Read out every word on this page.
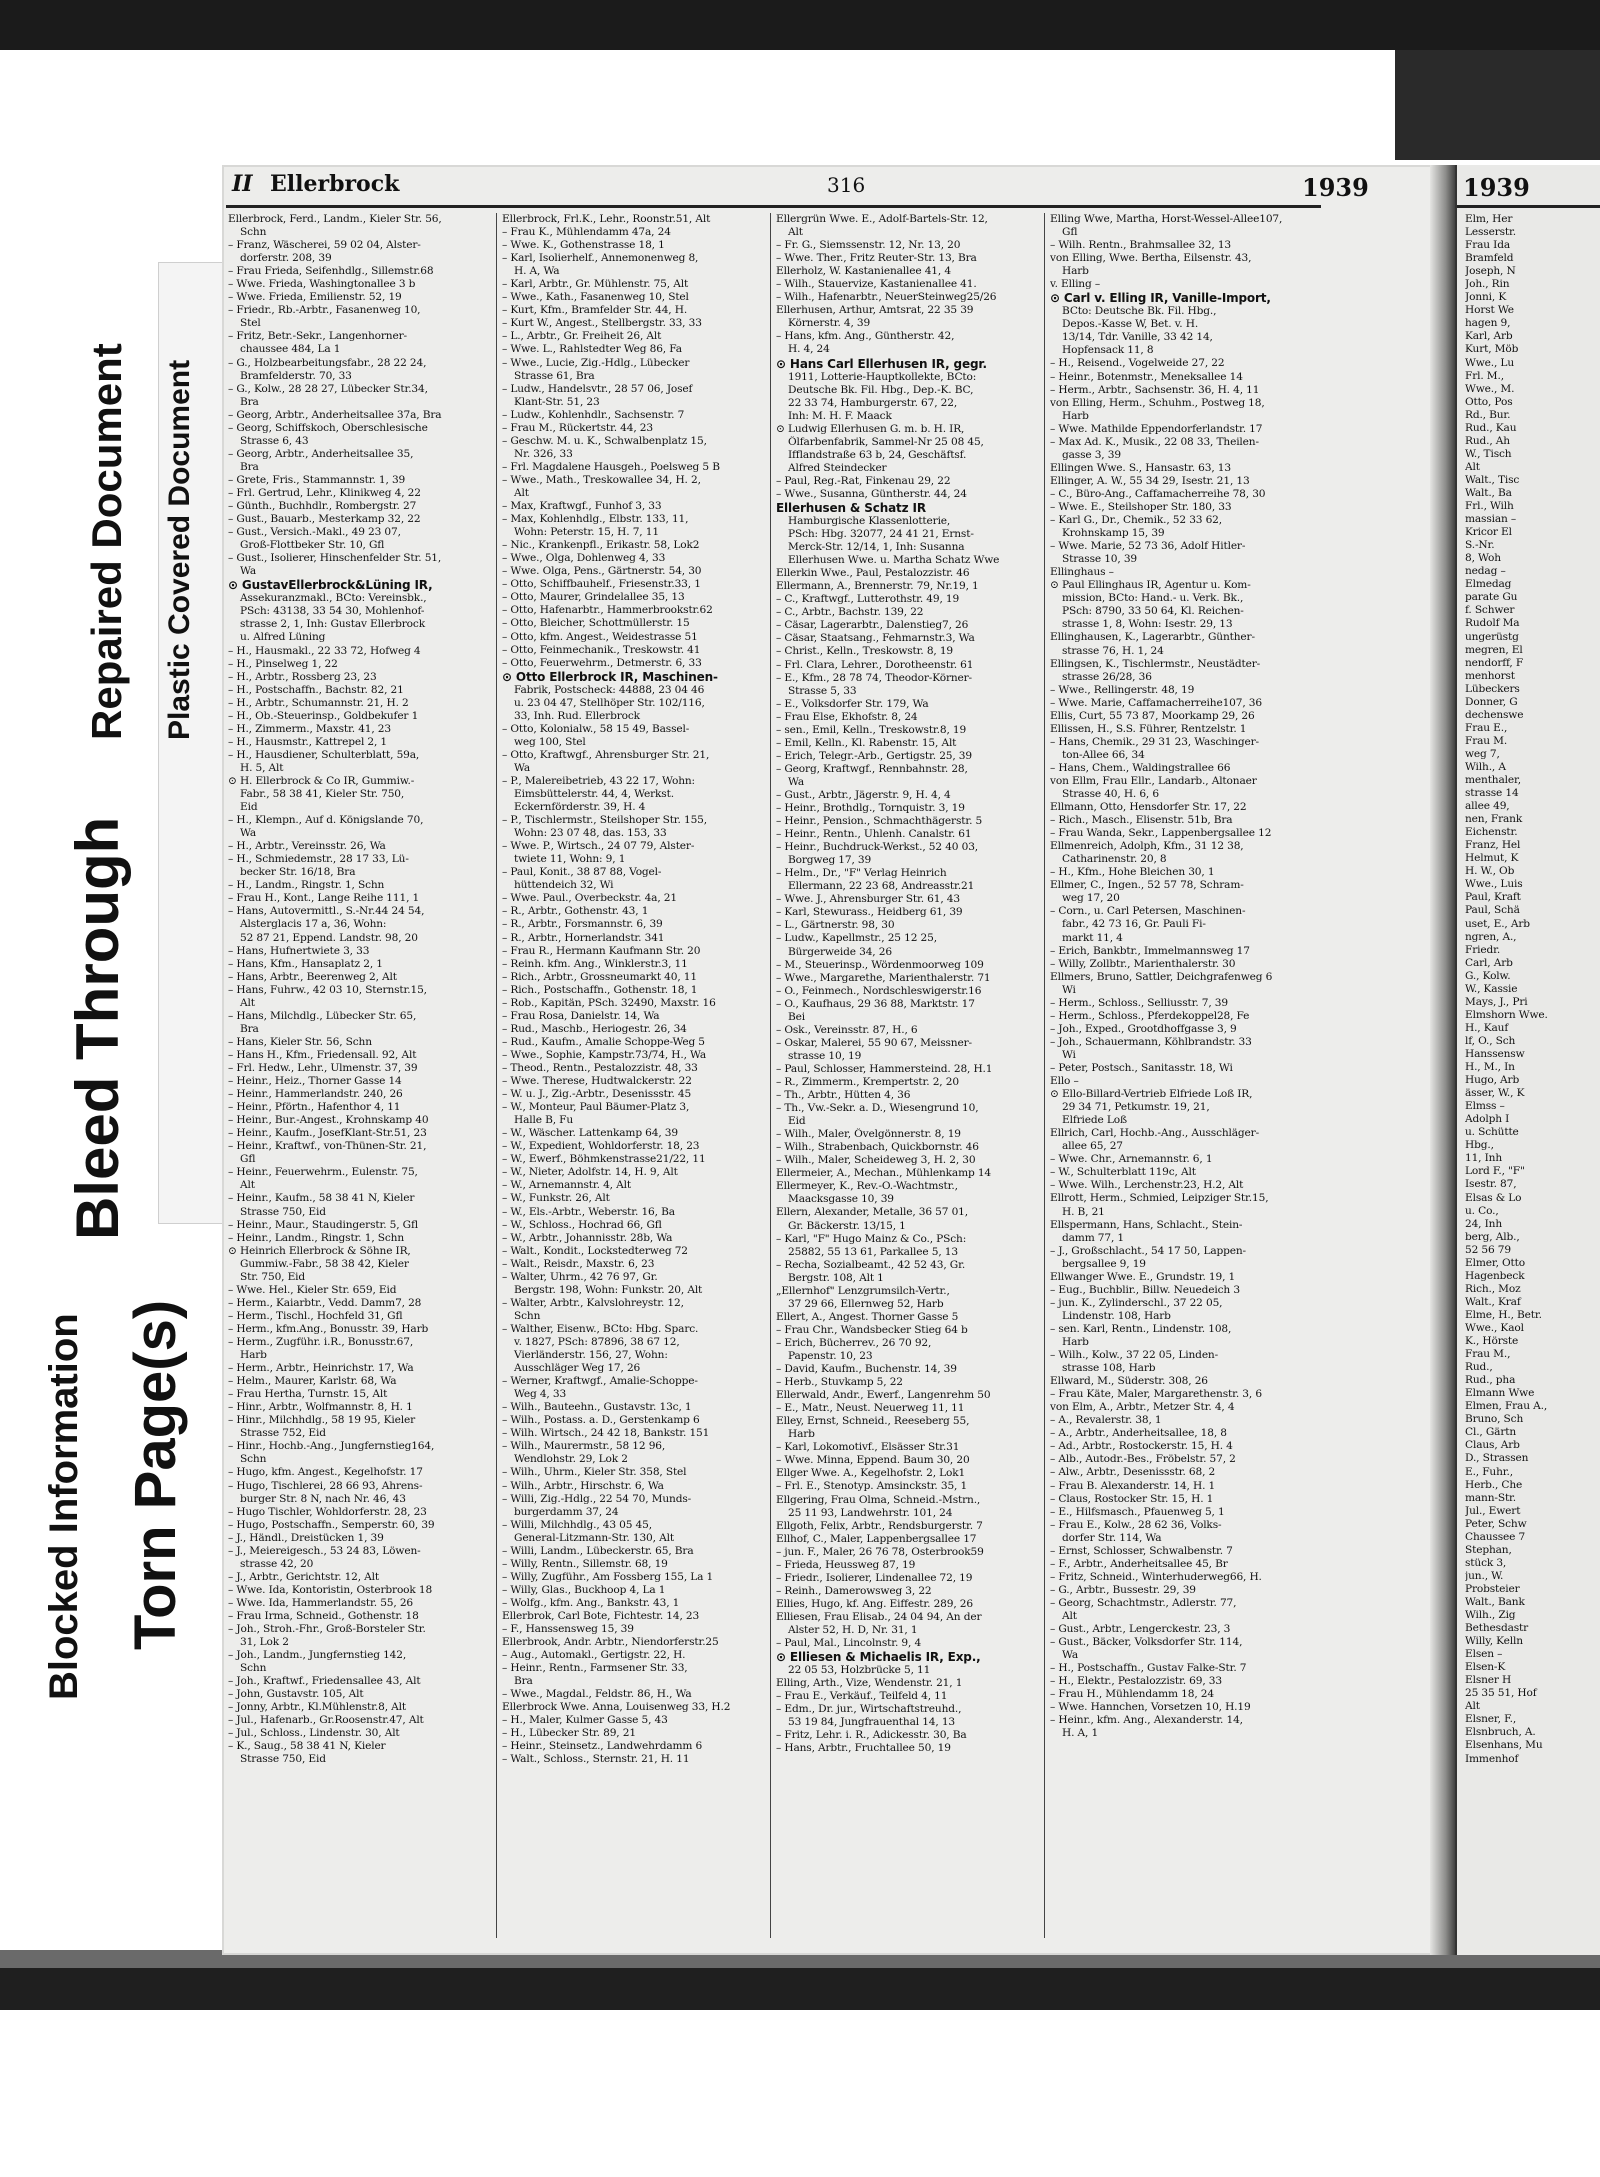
Blocked Information Torn Page(s)
Bleed Through
Repaired Document Plastic Covered Document
II Ellerbrock	316	1939
Ellerbrock, Ferd., Landm., Kieler Str. 56,
Schn
– Franz, Wäscherei, 59 02 04, Alster-
dorferstr. 208, 39
– Frau Frieda, Seifenhdlg., Sillemstr.68
– Wwe. Frieda, Washingtonallee 3 b
– Wwe. Frieda, Emilienstr. 52, 19
– Friedr., Rb.-Arbtr., Fasanenweg 10,
Stel
– Fritz, Betr.-Sekr., Langenhorner-
chaussee 484, La 1
– G., Holzbearbeitungsfabr., 28 22 24,
Bramfelderstr. 70, 33
– G., Kolw., 28 28 27, Lübecker Str.34,
Bra
– Georg, Arbtr., Anderheitsallee 37a, Bra
– Georg, Schiffskoch, Oberschlesische
Strasse 6, 43
– Georg, Arbtr., Anderheitsallee 35,
Bra
– Grete, Fris., Stammannstr. 1, 39
– Frl. Gertrud, Lehr., Klinikweg 4, 22
– Günth., Buchhdlr., Rombergstr. 27
– Gust., Bauarb., Mesterkamp 32, 22
– Gust., Versich.-Makl., 49 23 07,
Groß-Flottbeker Str. 10, Gfl
– Gust., Isolierer, Hinschenfelder Str. 51,
Wa
⊙ GustavEllerbrock&Lüning IR,
Assekuranzmakl., BCto: Vereinsbk.,
PSch: 43138, 33 54 30, Mohlenhof-
strasse 2, 1, Inh: Gustav Ellerbrock
u. Alfred Lüning
– H., Hausmakl., 22 33 72, Hofweg 4
– H., Pinselweg 1, 22
– H., Arbtr., Rossberg 23, 23
– H., Postschaffn., Bachstr. 82, 21
– H., Arbtr., Schumannstr. 21, H. 2
– H., Ob.-Steuerinsp., Goldbekufer 1
– H., Zimmerm., Maxstr. 41, 23
– H., Hausmstr., Kattrepel 2, 1
– H., Hausdiener, Schulterblatt, 59a,
H. 5, Alt
⊙ H. Ellerbrock & Co IR, Gummiw.-
Fabr., 58 38 41, Kieler Str. 750,
Eid
– H., Klempn., Auf d. Königslande 70,
Wa
– H., Arbtr., Vereinsstr. 26, Wa
– H., Schmiedemstr., 28 17 33, Lü-
becker Str. 16/18, Bra
– H., Landm., Ringstr. 1, Schn
– Frau H., Kont., Lange Reihe 111, 1
– Hans, Autovermittl., S.-Nr.44 24 54,
Alsterglacis 17 a, 36, Wohn:
52 87 21, Eppend. Landstr. 98, 20
– Hans, Hufnertwiete 3, 33
– Hans, Kfm., Hansaplatz 2, 1
– Hans, Arbtr., Beerenweg 2, Alt
– Hans, Fuhrw., 42 03 10, Sternstr.15,
Alt
– Hans, Milchdlg., Lübecker Str. 65,
Bra
– Hans, Kieler Str. 56, Schn
– Hans H., Kfm., Friedensall. 92, Alt
– Frl. Hedw., Lehr., Ulmenstr. 37, 39
– Heinr., Heiz., Thorner Gasse 14
– Heinr., Hammerlandstr. 240, 26
– Heinr., Pförtn., Hafenthor 4, 11
– Heinr., Bur.-Angest., Krohnskamp 40
– Heinr., Kaufm., JosefKlant-Str.51, 23
– Heinr., Kraftwf., von-Thünen-Str. 21,
Gfl
– Heinr., Feuerwehrm., Eulenstr. 75,
Alt
– Heinr., Kaufm., 58 38 41 N, Kieler
Strasse 750, Eid
– Heinr., Maur., Staudingerstr. 5, Gfl
– Heinr., Landm., Ringstr. 1, Schn
⊙ Heinrich Ellerbrock & Söhne IR,
Gummiw.-Fabr., 58 38 42, Kieler
Str. 750, Eid
– Wwe. Hel., Kieler Str. 659, Eid
– Herm., Kaiarbtr., Vedd. Damm7, 28
– Herm., Tischl., Hochfeld 31, Gfl
– Herm., kfm.Ang., Bonusstr. 39, Harb
– Herm., Zugführ. i.R., Bonusstr.67,
Harb
– Herm., Arbtr., Heinrichstr. 17, Wa
– Helm., Maurer, Karlstr. 68, Wa
– Frau Hertha, Turnstr. 15, Alt
– Hinr., Arbtr., Wolfmannstr. 8, H. 1
– Hinr., Milchhdlg., 58 19 95, Kieler
Strasse 752, Eid
– Hinr., Hochb.-Ang., Jungfernstieg164,
Schn
– Hugo, kfm. Angest., Kegelhofstr. 17
– Hugo, Tischlerei, 28 66 93, Ahrens-
burger Str. 8 N, nach Nr. 46, 43
– Hugo Tischler, Wohldorferstr. 28, 23
– Hugo, Postschaffn., Semperstr. 60, 39
– J., Händl., Dreistücken 1, 39
– J., Meiereigesch., 53 24 83, Löwen-
strasse 42, 20
– J., Arbtr., Gerichtstr. 12, Alt
– Wwe. Ida, Kontoristin, Osterbrook 18
– Wwe. Ida, Hammerlandstr. 55, 26
– Frau Irma, Schneid., Gothenstr. 18
– Joh., Stroh.-Fhr., Groß-Borsteler Str.
31, Lok 2
– Joh., Landm., Jungfernstieg 142,
Schn
– Joh., Kraftwf., Friedensallee 43, Alt
– John, Gustavstr. 105, Alt
– Jonny, Arbtr., Kl.Mühlenstr.8, Alt
– Jul., Hafenarb., Gr.Roosenstr.47, Alt
– Jul., Schloss., Lindenstr. 30, Alt
– K., Saug., 58 38 41 N, Kieler
Strasse 750, Eid
Ellerbrock, Frl.K., Lehr., Roonstr.51, Alt
– Frau K., Mühlendamm 47a, 24
– Wwe. K., Gothenstrasse 18, 1
– Karl, Isolierhelf., Annemonenweg 8,
H. A, Wa
– Karl, Arbtr., Gr. Mühlenstr. 75, Alt
– Wwe., Kath., Fasanenweg 10, Stel
– Kurt, Kfm., Bramfelder Str. 44, H.
– Kurt W., Angest., Stellbergstr. 33, 33
– L., Arbtr., Gr. Freiheit 26, Alt
– Wwe. L., Rahlstedter Weg 86, Fa
– Wwe., Lucie, Zig.-Hdlg., Lübecker
Strasse 61, Bra
– Ludw., Handelsvtr., 28 57 06, Josef
Klant-Str. 51, 23
– Ludw., Kohlenhdlr., Sachsenstr. 7
– Frau M., Rückertstr. 44, 23
– Geschw. M. u. K., Schwalbenplatz 15,
Nr. 326, 33
– Frl. Magdalene Hausgeh., Poelsweg 5 B
– Wwe., Math., Treskowallee 34, H. 2,
Alt
– Max, Kraftwgf., Funhof 3, 33
– Max, Kohlenhdlg., Elbstr. 133, 11,
Wohn: Peterstr. 15, H. 7, 11
– Nic., Krankenpfl., Erikastr. 58, Lok2
– Wwe., Olga, Dohlenweg 4, 33
– Wwe. Olga, Pens., Gärtnerstr. 54, 30
– Otto, Schiffbauhelf., Friesenstr.33, 1
– Otto, Maurer, Grindelallee 35, 13
– Otto, Hafenarbtr., Hammerbrookstr.62
– Otto, Bleicher, Schottmüllerstr. 15
– Otto, kfm. Angest., Weidestrasse 51
– Otto, Feinmechanik., Treskowstr. 41
– Otto, Feuerwehrm., Detmerstr. 6, 33
⊙ Otto Ellerbrock IR, Maschinen-
Fabrik, Postscheck: 44888, 23 04 46
u. 23 04 47, Stellhöper Str. 102/116,
33, Inh. Rud. Ellerbrock
– Otto, Kolonialw., 58 15 49, Bassel-
weg 100, Stel
– Otto, Kraftwgf., Ahrensburger Str. 21,
Wa
– P., Malereibetrieb, 43 22 17, Wohn:
Eimsbüttelerstr. 44, 4, Werkst.
Eckernförderstr. 39, H. 4
– P., Tischlermstr., Steilshoper Str. 155,
Wohn: 23 07 48, das. 153, 33
– Wwe. P., Wirtsch., 24 07 79, Alster-
twiete 11, Wohn: 9, 1
– Paul, Konit., 38 87 88, Vogel-
hüttendeich 32, Wi
– Wwe. Paul., Overbeckstr. 4a, 21
– R., Arbtr., Gothenstr. 43, 1
– R., Arbtr., Forsmannstr. 6, 39
– R., Arbtr., Hornerlandstr. 341
– Frau R., Hermann Kaufmann Str. 20
– Reinh. kfm. Ang., Winklerstr.3, 11
– Rich., Arbtr., Grossneumarkt 40, 11
– Rich., Postschaffn., Gothenstr. 18, 1
– Rob., Kapitän, PSch. 32490, Maxstr. 16
– Frau Rosa, Danielstr. 14, Wa
– Rud., Maschb., Heriogestr. 26, 34
– Rud., Kaufm., Amalie Schoppe-Weg 5
– Wwe., Sophie, Kampstr.73/74, H., Wa
– Theod., Rentn., Pestalozzistr. 48, 33
– Wwe. Therese, Hudtwalckerstr. 22
– W. u. J., Zig.-Arbtr., Desenissstr. 45
– W., Monteur, Paul Bäumer-Platz 3,
Halle B, Fu
– W., Wäscher. Lattenkamp 64, 39
– W., Expedient, Wohldorferstr. 18, 23
– W., Ewerf., Böhmkenstrasse21/22, 11
– W., Nieter, Adolfstr. 14, H. 9, Alt
– W., Arnemannstr. 4, Alt
– W., Funkstr. 26, Alt
– W., Els.-Arbtr., Weberstr. 16, Ba
– W., Schloss., Hochrad 66, Gfl
– W., Arbtr., Johannisstr. 28b, Wa
– Walt., Kondit., Lockstedterweg 72
– Walt., Reisdr., Maxstr. 6, 23
– Walter, Uhrm., 42 76 97, Gr.
Bergstr. 198, Wohn: Funkstr. 20, Alt
– Walter, Arbtr., Kalvslohreystr. 12,
Schn
– Walther, Eisenw., BCto: Hbg. Sparc.
v. 1827, PSch: 87896, 38 67 12,
Vierländerstr. 156, 27, Wohn:
Ausschläger Weg 17, 26
– Werner, Kraftwgf., Amalie-Schoppe-
Weg 4, 33
– Wilh., Bauteehn., Gustavstr. 13c, 1
– Wilh., Postass. a. D., Gerstenkamp 6
– Wilh. Wirtsch., 24 42 18, Bankstr. 151
– Wilh., Maurermstr., 58 12 96,
Wendlohstr. 29, Lok 2
– Wilh., Uhrm., Kieler Str. 358, Stel
– Wilh., Arbtr., Hirschstr. 6, Wa
– Willi, Zig.-Hdlg., 22 54 70, Munds-
burgerdamm 37, 24
– Willi, Milchhdlg., 43 05 45,
General-Litzmann-Str. 130, Alt
– Willi, Landm., Lübeckerstr. 65, Bra
– Willy, Rentn., Sillemstr. 68, 19
– Willy, Zugführ., Am Fossberg 155, La 1
– Willy, Glas., Buckhoop 4, La 1
– Wolfg., kfm. Ang., Bankstr. 43, 1
Ellerbrok, Carl Bote, Fichtestr. 14, 23
– F., Hanssensweg 15, 39
Ellerbrook, Andr. Arbtr., Niendorferstr.25
– Aug., Automakl., Gertigstr. 22, H.
– Heinr., Rentn., Farmsener Str. 33,
Bra
– Wwe., Magdal., Feldstr. 86, H., Wa
Ellerbrock Wwe. Anna, Louisenweg 33, H.2
– H., Maler, Kulmer Gasse 5, 43
– H., Lübecker Str. 89, 21
– Heinr., Steinsetz., Landwehrdamm 6
– Walt., Schloss., Sternstr. 21, H. 11
Ellergrün Wwe. E., Adolf-Bartels-Str. 12,
Alt
– Fr. G., Siemssenstr. 12, Nr. 13, 20
– Wwe. Ther., Fritz Reuter-Str. 13, Bra
Ellerholz, W. Kastanienallee 41, 4
– Wilh., Stauervize, Kastanienallee 41.
– Wilh., Hafenarbtr., NeuerSteinweg25/26
Ellerhusen, Arthur, Amtsrat, 22 35 39
Körnerstr. 4, 39
– Hans, kfm. Ang., Güntherstr. 42,
H. 4, 24
⊙ Hans Carl Ellerhusen IR, gegr.
1911, Lotterie-Hauptkollekte, BCto:
Deutsche Bk. Fil. Hbg., Dep.-K. BC,
22 33 74, Hamburgerstr. 67, 22,
Inh: M. H. F. Maack
⊙ Ludwig Ellerhusen G. m. b. H. IR,
Ölfarbenfabrik, Sammel-Nr 25 08 45,
Ifflandstraße 63 b, 24, Geschäftsf.
Alfred Steindecker
– Paul, Reg.-Rat, Finkenau 29, 22
– Wwe., Susanna, Güntherstr. 44, 24
Ellerhusen & Schatz IR
Hamburgische Klassenlotterie,
PSch: Hbg. 32077, 24 41 21, Ernst-
Merck-Str. 12/14, 1, Inh: Susanna
Ellerhusen Wwe. u. Martha Schatz Wwe
Ellerkin Wwe., Paul, Pestalozzistr. 46
Ellermann, A., Brennerstr. 79, Nr.19, 1
– C., Kraftwgf., Lutterothstr. 49, 19
– C., Arbtr., Bachstr. 139, 22
– Cäsar, Lagerarbtr., Dalenstieg7, 26
– Cäsar, Staatsang., Fehmarnstr.3, Wa
– Christ., Kelln., Treskowstr. 8, 19
– Frl. Clara, Lehrer., Dorotheenstr. 61
– E., Kfm., 28 78 74, Theodor-Körner-
Strasse 5, 33
– E., Volksdorfer Str. 179, Wa
– Frau Else, Ekhofstr. 8, 24
– sen., Emil, Kelln., Treskowstr.8, 19
– Emil, Kelln., Kl. Rabenstr. 15, Alt
– Erich, Telegr.-Arb., Gertigstr. 25, 39
– Georg, Kraftwgf., Rennbahnstr. 28,
Wa
– Gust., Arbtr., Jägerstr. 9, H. 4, 4
– Heinr., Brothdlg., Tornquistr. 3, 19
– Heinr., Pension., Schmachthägerstr. 5
– Heinr., Rentn., Uhlenh. Canalstr. 61
– Heinr., Buchdruck-Werkst., 52 40 03,
Borgweg 17, 39
– Helm., Dr., "F" Verlag Heinrich
Ellermann, 22 23 68, Andreasstr.21
– Wwe. J., Ahrensburger Str. 61, 43
– Karl, Stewurass., Heidberg 61, 39
– L., Gärtnerstr. 98, 30
– Ludw., Kapellmstr., 25 12 25,
Bürgerweide 34, 26
– M., Steuerinsp., Wördenmoorweg 109
– Wwe., Margarethe, Marienthalerstr. 71
– O., Feinmech., Nordschleswigerstr.16
– O., Kaufhaus, 29 36 88, Marktstr. 17
Bei
– Osk., Vereinsstr. 87, H., 6
– Oskar, Malerei, 55 90 67, Meissner-
strasse 10, 19
– Paul, Schlosser, Hammersteind. 28, H.1
– R., Zimmerm., Krempertstr. 2, 20
– Th., Arbtr., Hütten 4, 36
– Th., Vw.-Sekr. a. D., Wiesengrund 10,
Eid
– Wilh., Maler, Övelgönnerstr. 8, 19
– Wilh., Strabenbach, Quickbornstr. 46
– Wilh., Maler, Scheideweg 3, H. 2, 30
Ellermeier, A., Mechan., Mühlenkamp 14
Ellermeyer, K., Rev.-O.-Wachtmstr.,
Maacksgasse 10, 39
Ellern, Alexander, Metalle, 36 57 01,
Gr. Bäckerstr. 13/15, 1
– Karl, "F" Hugo Mainz & Co., PSch:
25882, 55 13 61, Parkallee 5, 13
– Recha, Sozialbeamt., 42 52 43, Gr.
Bergstr. 108, Alt 1
„Ellernhof" Lenzgrumsilch-Vertr.,
37 29 66, Ellernweg 52, Harb
Ellert, A., Angest. Thorner Gasse 5
– Frau Chr., Wandsbecker Stieg 64 b
– Erich, Bücherrev., 26 70 92,
Papenstr. 10, 23
– David, Kaufm., Buchenstr. 14, 39
– Herb., Stuvkamp 5, 22
Ellerwald, Andr., Ewerf., Langenrehm 50
– E., Matr., Neust. Neuerweg 11, 11
Elley, Ernst, Schneid., Reeseberg 55,
Harb
– Karl, Lokomotivf., Elsässer Str.31
– Wwe. Minna, Eppend. Baum 30, 20
Ellger Wwe. A., Kegelhofstr. 2, Lok1
– Frl. E., Stenotyp. Amsinckstr. 35, 1
Ellgering, Frau Olma, Schneid.-Mstrn.,
25 11 93, Landwehrstr. 101, 24
Ellgoth, Felix, Arbtr., Rendsburgerstr. 7
Ellhof, C., Maler, Lappenbergsallee 17
– jun. F., Maler, 26 76 78, Osterbrook59
– Frieda, Heussweg 87, 19
– Friedr., Isolierer, Lindenallee 72, 19
– Reinh., Damerowsweg 3, 22
Ellies, Hugo, kf. Ang. Eiffestr. 289, 26
Elliesen, Frau Elisab., 24 04 94, An der
Alster 52, H. D, Nr. 31, 1
– Paul, Mal., Lincolnstr. 9, 4
⊙ Elliesen & Michaelis IR, Exp.,
22 05 53, Holzbrücke 5, 11
Elling, Arth., Vize, Wendenstr. 21, 1
– Frau E., Verkäuf., Teilfeld 4, 11
– Edm., Dr. jur., Wirtschaftstreuhd.,
53 19 84, Jungfrauenthal 14, 13
– Fritz, Lehr. i. R., Adickesstr. 30, Ba
– Hans, Arbtr., Fruchtallee 50, 19
Elling Wwe, Martha, Horst-Wessel-Allee107,
Gfl
– Wilh. Rentn., Brahmsallee 32, 13
von Elling, Wwe. Bertha, Eilsenstr. 43,
Harb
v. Elling –
⊙ Carl v. Elling IR, Vanille-Import,
BCto: Deutsche Bk. Fil. Hbg.,
Depos.-Kasse W, Bet. v. H.
13/14, Tdr. Vanille, 33 42 14,
Hopfensack 11, 8
– H., Reisend., Vogelweide 27, 22
– Heinr., Botenmstr., Meneksallee 14
– Herm., Arbtr., Sachsenstr. 36, H. 4, 11
von Elling, Herm., Schuhm., Postweg 18,
Harb
– Wwe. Mathilde Eppendorferlandstr. 17
– Max Ad. K., Musik., 22 08 33, Theilen-
gasse 3, 39
Ellingen Wwe. S., Hansastr. 63, 13
Ellinger, A. W., 55 34 29, Isestr. 21, 13
– C., Büro-Ang., Caffamacherreihe 78, 30
– Wwe. E., Steilshoper Str. 180, 33
– Karl G., Dr., Chemik., 52 33 62,
Krohnskamp 15, 39
– Wwe. Marie, 52 73 36, Adolf Hitler-
Strasse 10, 39
Ellinghaus –
⊙ Paul Ellinghaus IR, Agentur u. Kom-
mission, BCto: Hand.- u. Verk. Bk.,
PSch: 8790, 33 50 64, Kl. Reichen-
strasse 1, 8, Wohn: Isestr. 29, 13
Ellinghausen, K., Lagerarbtr., Günther-
strasse 76, H. 1, 24
Ellingsen, K., Tischlermstr., Neustädter-
strasse 26/28, 36
– Wwe., Rellingerstr. 48, 19
– Wwe. Marie, Caffamacherreihe107, 36
Ellis, Curt, 55 73 87, Moorkamp 29, 26
Ellissen, H., S.S. Führer, Rentzelstr. 1
– Hans, Chemik., 29 31 23, Waschinger-
ton-Allee 66, 34
– Hans, Chem., Waldingstrallee 66
von Ellm, Frau Ellr., Landarb., Altonaer
Strasse 40, H. 6, 6
Ellmann, Otto, Hensdorfer Str. 17, 22
– Rich., Masch., Elisenstr. 51b, Bra
– Frau Wanda, Sekr., Lappenbergsallee 12
Ellmenreich, Adolph, Kfm., 31 12 38,
Catharinenstr. 20, 8
– H., Kfm., Hohe Bleichen 30, 1
Ellmer, C., Ingen., 52 57 78, Schram-
weg 17, 20
– Corn., u. Carl Petersen, Maschinen-
fabr., 42 73 16, Gr. Pauli Fi-
markt 11, 4
– Erich, Bankbtr., Immelmannsweg 17
– Willy, Zollbtr., Marienthalerstr. 30
Ellmers, Bruno, Sattler, Deichgrafenweg 6
Wi
– Herm., Schloss., Selliusstr. 7, 39
– Herm., Schloss., Pferdekoppel28, Fe
– Joh., Exped., Grootdhoffgasse 3, 9
– Joh., Schauermann, Köhlbrandstr. 33
Wi
– Peter, Postsch., Sanitasstr. 18, Wi
Ello –
⊙ Ello-Billard-Vertrieb Elfriede Loß IR,
29 34 71, Petkumstr. 19, 21,
Elfriede Loß
Ellrich, Carl, Hochb.-Ang., Ausschläger-
allee 65, 27
– Wwe. Chr., Arnemannstr. 6, 1
– W., Schulterblatt 119c, Alt
– Wwe. Wilh., Lerchenstr.23, H.2, Alt
Ellrott, Herm., Schmied, Leipziger Str.15,
H. B, 21
Ellspermann, Hans, Schlacht., Stein-
damm 77, 1
– J., Großschlacht., 54 17 50, Lappen-
bergsallee 9, 19
Ellwanger Wwe. E., Grundstr. 19, 1
– Eug., Buchblir., Billw. Neuedeich 3
– jun. K., Zylinderschl., 37 22 05,
Lindenstr. 108, Harb
– sen. Karl, Rentn., Lindenstr. 108,
Harb
– Wilh., Kolw., 37 22 05, Linden-
strasse 108, Harb
Ellward, M., Süderstr. 308, 26
– Frau Käte, Maler, Margarethenstr. 3, 6
von Elm, A., Arbtr., Metzer Str. 4, 4
– A., Revalerstr. 38, 1
– A., Arbtr., Anderheitsallee, 18, 8
– Ad., Arbtr., Rostockerstr. 15, H. 4
– Alb., Autodr.-Bes., Fröbelstr. 57, 2
– Alw., Arbtr., Desenissstr. 68, 2
– Frau B. Alexanderstr. 14, H. 1
– Claus, Rostocker Str. 15, H. 1
– E., Hilfsmasch., Pfauenweg 5, 1
– Frau E., Kolw., 28 62 36, Volks-
dorfer Str. 114, Wa
– Ernst, Schlosser, Schwalbenstr. 7
– F., Arbtr., Anderheitsallee 45, Br
– Fritz, Schneid., Winterhuderweg66, H.
– G., Arbtr., Bussestr. 29, 39
– Georg, Schachtmstr., Adlerstr. 77,
Alt
– Gust., Arbtr., Lengerckestr. 23, 3
– Gust., Bäcker, Volksdorfer Str. 114,
Wa
– H., Postschaffn., Gustav Falke-Str. 7
– H., Elektr., Pestalozzistr. 69, 33
– Frau H., Mühlendamm 18, 24
– Wwe. Hannchen, Vorsetzen 10, H.19
– Heinr., kfm. Ang., Alexanderstr. 14,
H. A, 1
1939
Elm, Her
Lesserstr.
Frau Ida
Bramfeld
Joseph, N
Joh., Rin
Jonni, K
Horst We
hagen 9,
Karl, Arb
Kurt, Möb
Wwe., Lu
Frl. M.,
Wwe., M.
Otto, Pos
Rd., Bur.
Rud., Kau
Rud., Ah
W., Tisch
Alt
Walt., Tisc
Walt., Ba
Frl., Wilh
massian –
Kricor El
S.-Nr.
8, Woh
nedag –
Elmedag
parate Gu
f. Schwer
Rudolf Ma
ungerüstg
megren, El
nendorff, F
menhorst
Lübeckers
Donner, G
dechenswe
Frau E.,
Frau M.
weg 7,
Wilh., A
menthaler,
strasse 14
allee 49,
nen, Frank
Eichenstr.
Franz, Hel
Helmut, K
H. W., Ob
Wwe., Luis
Paul, Kraft
Paul, Schä
uset, E., Arb
ngren, A.,
Friedr.
Carl, Arb
G., Kolw.
W., Kassie
Mays, J., Pri
Elmshorn Wwe.
H., Kauf
lf, O., Sch
Hanssensw
H., M., In
Hugo, Arb
ässer, W., K
Elmss –
Adolph I
u. Schütte
Hbg.,
11, Inh
Lord F., "F"
Isestr. 87,
Elsas & Lo
u. Co.,
24, Inh
berg, Alb.,
52 56 79
Elmer, Otto
Hagenbeck
Rich., Moz
Walt., Kraf
Elme, H., Betr.
Wwe., Kaol
K., Hörste
Frau M.,
Rud.,
Rud., pha
Elmann Wwe
Elmen, Frau A.,
Bruno, Sch
Cl., Gärtn
Claus, Arb
D., Strassen
E., Fuhr.,
Herb., Che
mann-Str.
Jul., Ewert
Peter, Schw
Chaussee 7
Stephan,
stück 3,
jun., W.
Probsteier
Walt., Bank
Wilh., Zig
Bethesdastr
Willy, Kelln
Elsen –
Elsen-K
Elsner H
25 35 51, Hof
Alt
Elsner, F.,
Elsnbruch, A.
Elsenhans, Mu
Immenhof
